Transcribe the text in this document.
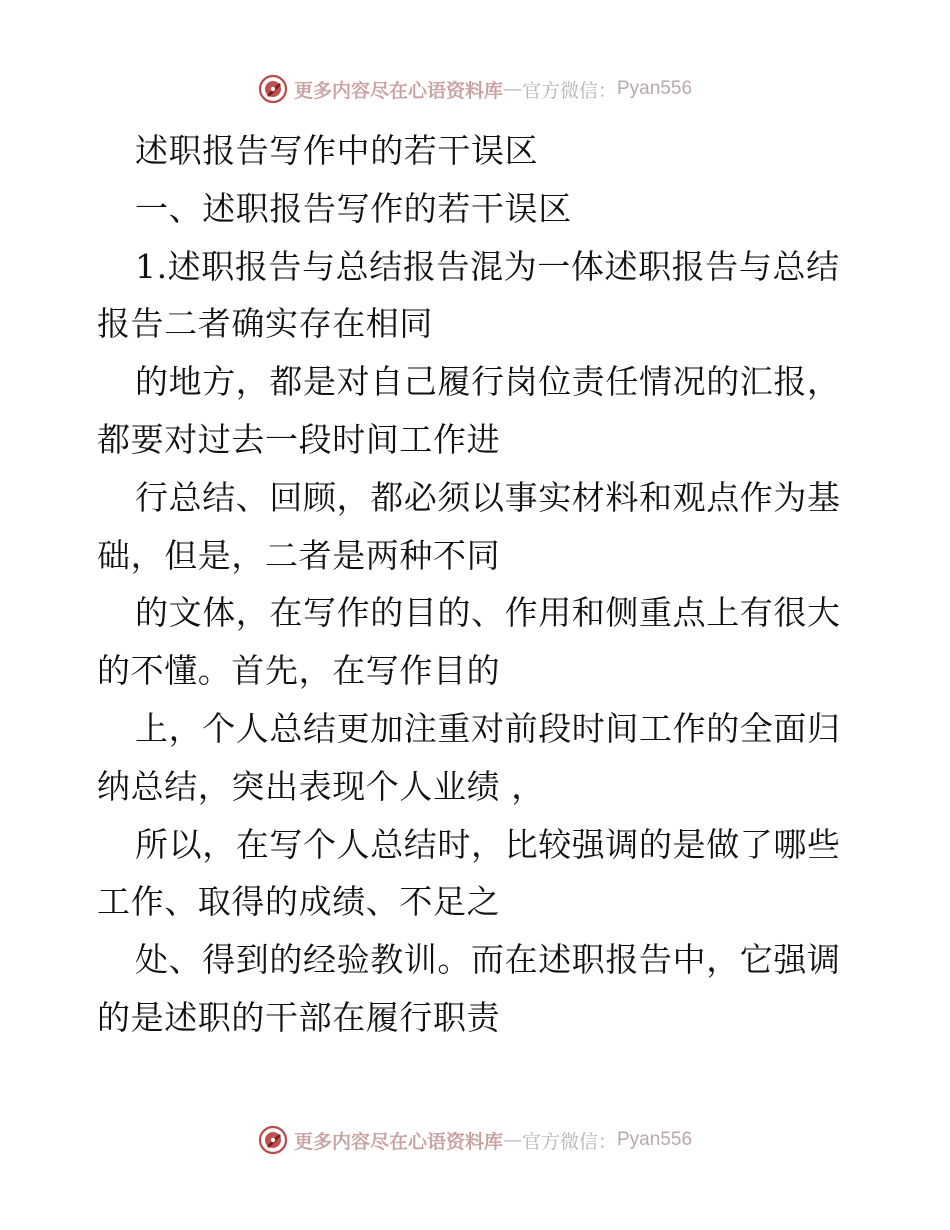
更多内容尽在心语资料库 — 官方微信： Pyan556
述职报告写作中的若干误区
一、述职报告写作的若干误区
1.述职报告与总结报告混为一体述职报告与总结
报告二者确实存在相同
的地方，都是对自己履行岗位责任情况的汇报，
都要对过去一段时间工作进
行总结、回顾，都必须以事实材料和观点作为基
础，但是，二者是两种不同
的文体，在写作的目的、作用和侧重点上有很大
的不懂。首先，在写作目的
上，个人总结更加注重对前段时间工作的全面归
纳总结，突出表现个人业绩 ，
所以，在写个人总结时，比较强调的是做了哪些
工作、取得的成绩、不足之
处、得到的经验教训。而在述职报告中，它强调
的是述职的干部在履行职责
更多内容尽在心语资料库 — 官方微信： Pyan556
